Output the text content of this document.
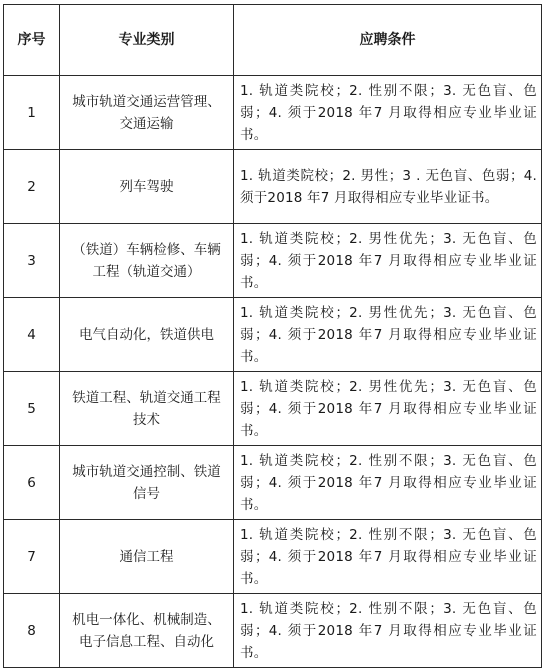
序号	专业类别	应聘条件
1	城市轨道交通运营管理、交通运输	1. 轨道类院校；2. 性别不限；3. 无色盲、色弱；4. 须于2018 年7 月取得相应专业毕业证书。
2	列车驾驶	1. 轨道类院校；2. 男性；3 . 无色盲、色弱；4. 须于2018 年7 月取得相应专业毕业证书。
3	（铁道）车辆检修、车辆工程（轨道交通）	1. 轨道类院校；2. 男性优先；3. 无色盲、色弱；4. 须于2018 年7 月取得相应专业毕业证书。
4	电气自动化，铁道供电	1. 轨道类院校；2. 男性优先；3. 无色盲、色弱；4. 须于2018 年7 月取得相应专业毕业证书。
5	铁道工程、轨道交通工程技术	1. 轨道类院校；2. 男性优先；3. 无色盲、色弱；4. 须于2018 年7 月取得相应专业毕业证书。
6	城市轨道交通控制、铁道信号	1. 轨道类院校；2. 性别不限；3. 无色盲、色弱；4. 须于2018 年7 月取得相应专业毕业证书。
7	通信工程	1. 轨道类院校；2. 性别不限；3. 无色盲、色弱；4. 须于2018 年7 月取得相应专业毕业证书。
8	机电一体化、机械制造、电子信息工程、自动化	1. 轨道类院校；2. 性别不限；3. 无色盲、色弱；4. 须于2018 年7 月取得相应专业毕业证书。
